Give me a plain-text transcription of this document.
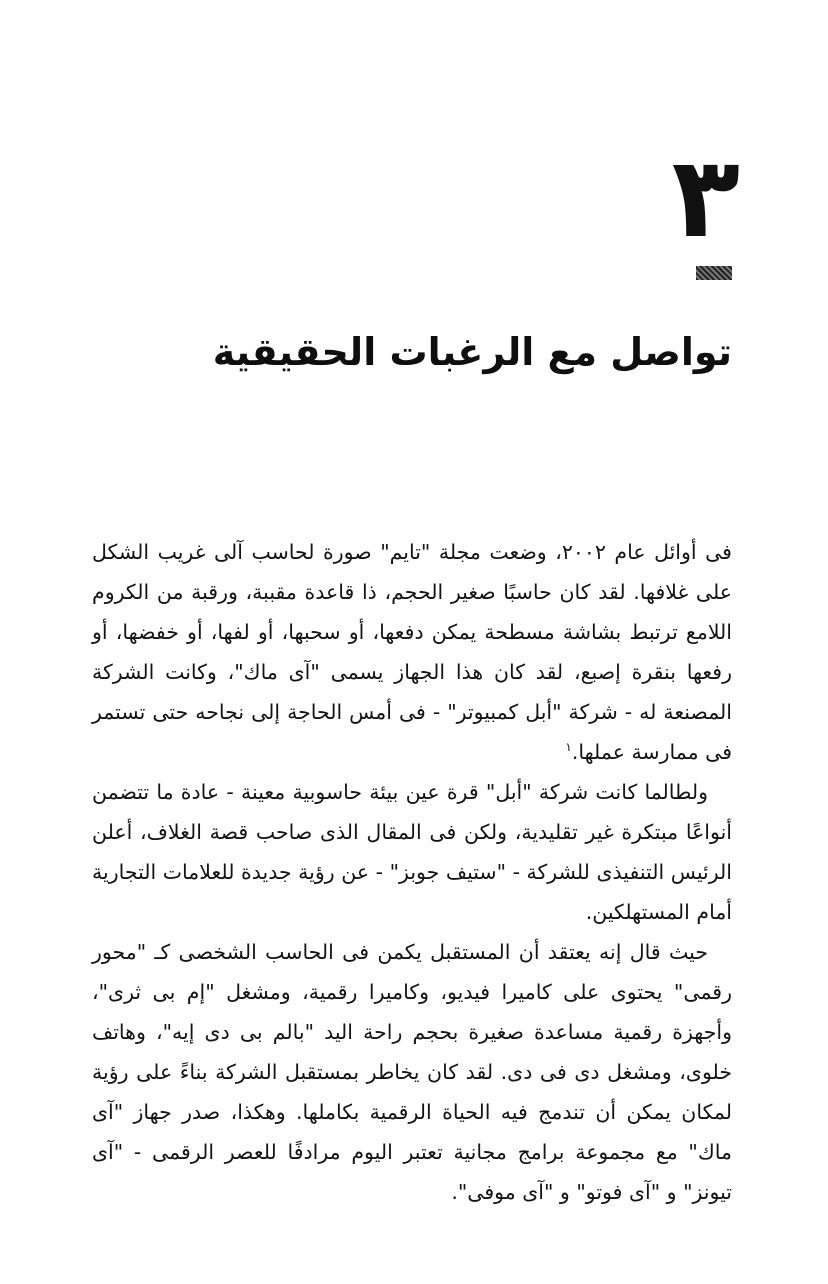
٣
تواصل مع الرغبات الحقيقية

فى أوائل عام ٢٠٠٢، وضعت مجلة "تايم" صورة لحاسب آلى غريب الشكل على غلافها. لقد كان حاسبًا صغير الحجم، ذا قاعدة مقببة، ورقبة من الكروم اللامع ترتبط بشاشة مسطحة يمكن دفعها، أو سحبها، أو لفها، أو خفضها، أو رفعها بنقرة إصبع، لقد كان هذا الجهاز يسمى "آى ماك"، وكانت الشركة المصنعة له - شركة "أبل كمبيوتر" - فى أمس الحاجة إلى نجاحه حتى تستمر فى ممارسة عملها.$^١$

ولطالما كانت شركة "أبل" قرة عين بيئة حاسوبية معينة - عادة ما تتضمن أنواعًا مبتكرة غير تقليدية، ولكن فى المقال الذى صاحب قصة الغلاف، أعلن الرئيس التنفيذى للشركة - "ستيف جوبز" - عن رؤية جديدة للعلامات التجارية أمام المستهلكين.

حيث قال إنه يعتقد أن المستقبل يكمن فى الحاسب الشخصى كـ "محور رقمى" يحتوى على كاميرا فيديو، وكاميرا رقمية، ومشغل "إم بى ثرى"، وأجهزة رقمية مساعدة صغيرة بحجم راحة اليد "بالم بى دى إيه"، وهاتف خلوى، ومشغل دى فى دى. لقد كان يخاطر بمستقبل الشركة بناءً على رؤية لمكان يمكن أن تندمج فيه الحياة الرقمية بكاملها. وهكذا، صدر جهاز "آى ماك" مع مجموعة برامج مجانية تعتبر اليوم مرادفًا للعصر الرقمى - "آى تيونز" و "آى فوتو" و "آى موفى".
